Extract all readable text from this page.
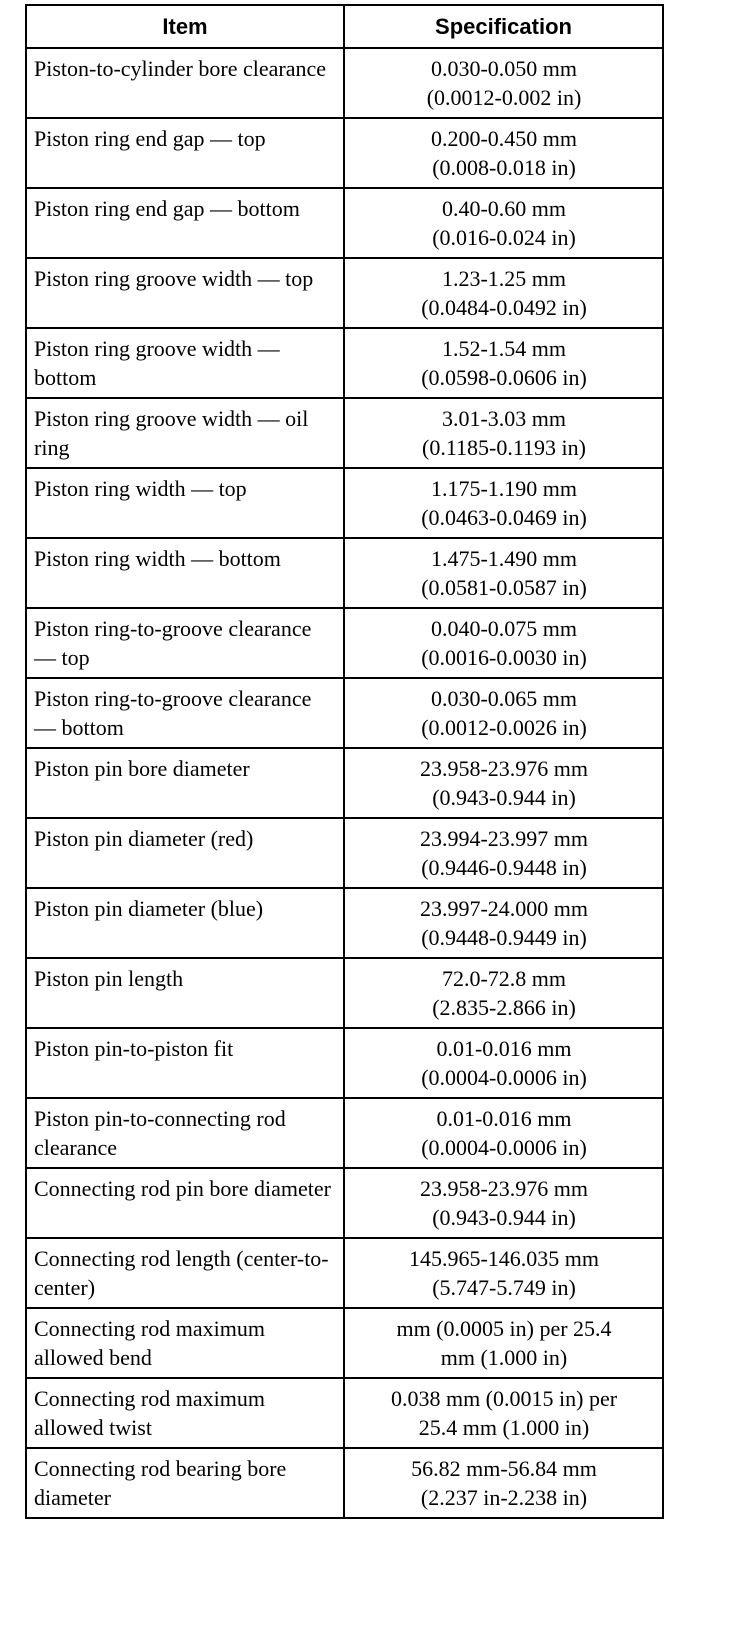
Item	Specification
Piston-to-cylinder bore clearance	0.030-0.050 mm
(0.0012-0.002 in)

Piston ring end gap — top	0.200-0.450 mm
(0.008-0.018 in)

Piston ring end gap — bottom	0.40-0.60 mm
(0.016-0.024 in)

Piston ring groove width — top	1.23-1.25 mm
(0.0484-0.0492 in)

Piston ring groove width — bottom	1.52-1.54 mm
(0.0598-0.0606 in)

Piston ring groove width — oil ring	3.01-3.03 mm
(0.1185-0.1193 in)

Piston ring width — top	1.175-1.190 mm
(0.0463-0.0469 in)

Piston ring width — bottom	1.475-1.490 mm
(0.0581-0.0587 in)

Piston ring-to-groove clearance — top	0.040-0.075 mm
(0.0016-0.0030 in)

Piston ring-to-groove clearance — bottom	0.030-0.065 mm
(0.0012-0.0026 in)

Piston pin bore diameter	23.958-23.976 mm
(0.943-0.944 in)

Piston pin diameter (red)	23.994-23.997 mm
(0.9446-0.9448 in)

Piston pin diameter (blue)	23.997-24.000 mm
(0.9448-0.9449 in)

Piston pin length	72.0-72.8 mm
(2.835-2.866 in)

Piston pin-to-piston fit	0.01-0.016 mm
(0.0004-0.0006 in)

Piston pin-to-connecting rod clearance	0.01-0.016 mm
(0.0004-0.0006 in)

Connecting rod pin bore diameter	23.958-23.976 mm
(0.943-0.944 in)

Connecting rod length (center-to-center)	145.965-146.035 mm
(5.747-5.749 in)

Connecting rod maximum allowed bend	mm (0.0005 in) per 25.4
mm (1.000 in)

Connecting rod maximum allowed twist	0.038 mm (0.0015 in) per
25.4 mm (1.000 in)

Connecting rod bearing bore diameter	56.82 mm-56.84 mm
(2.237 in-2.238 in)
